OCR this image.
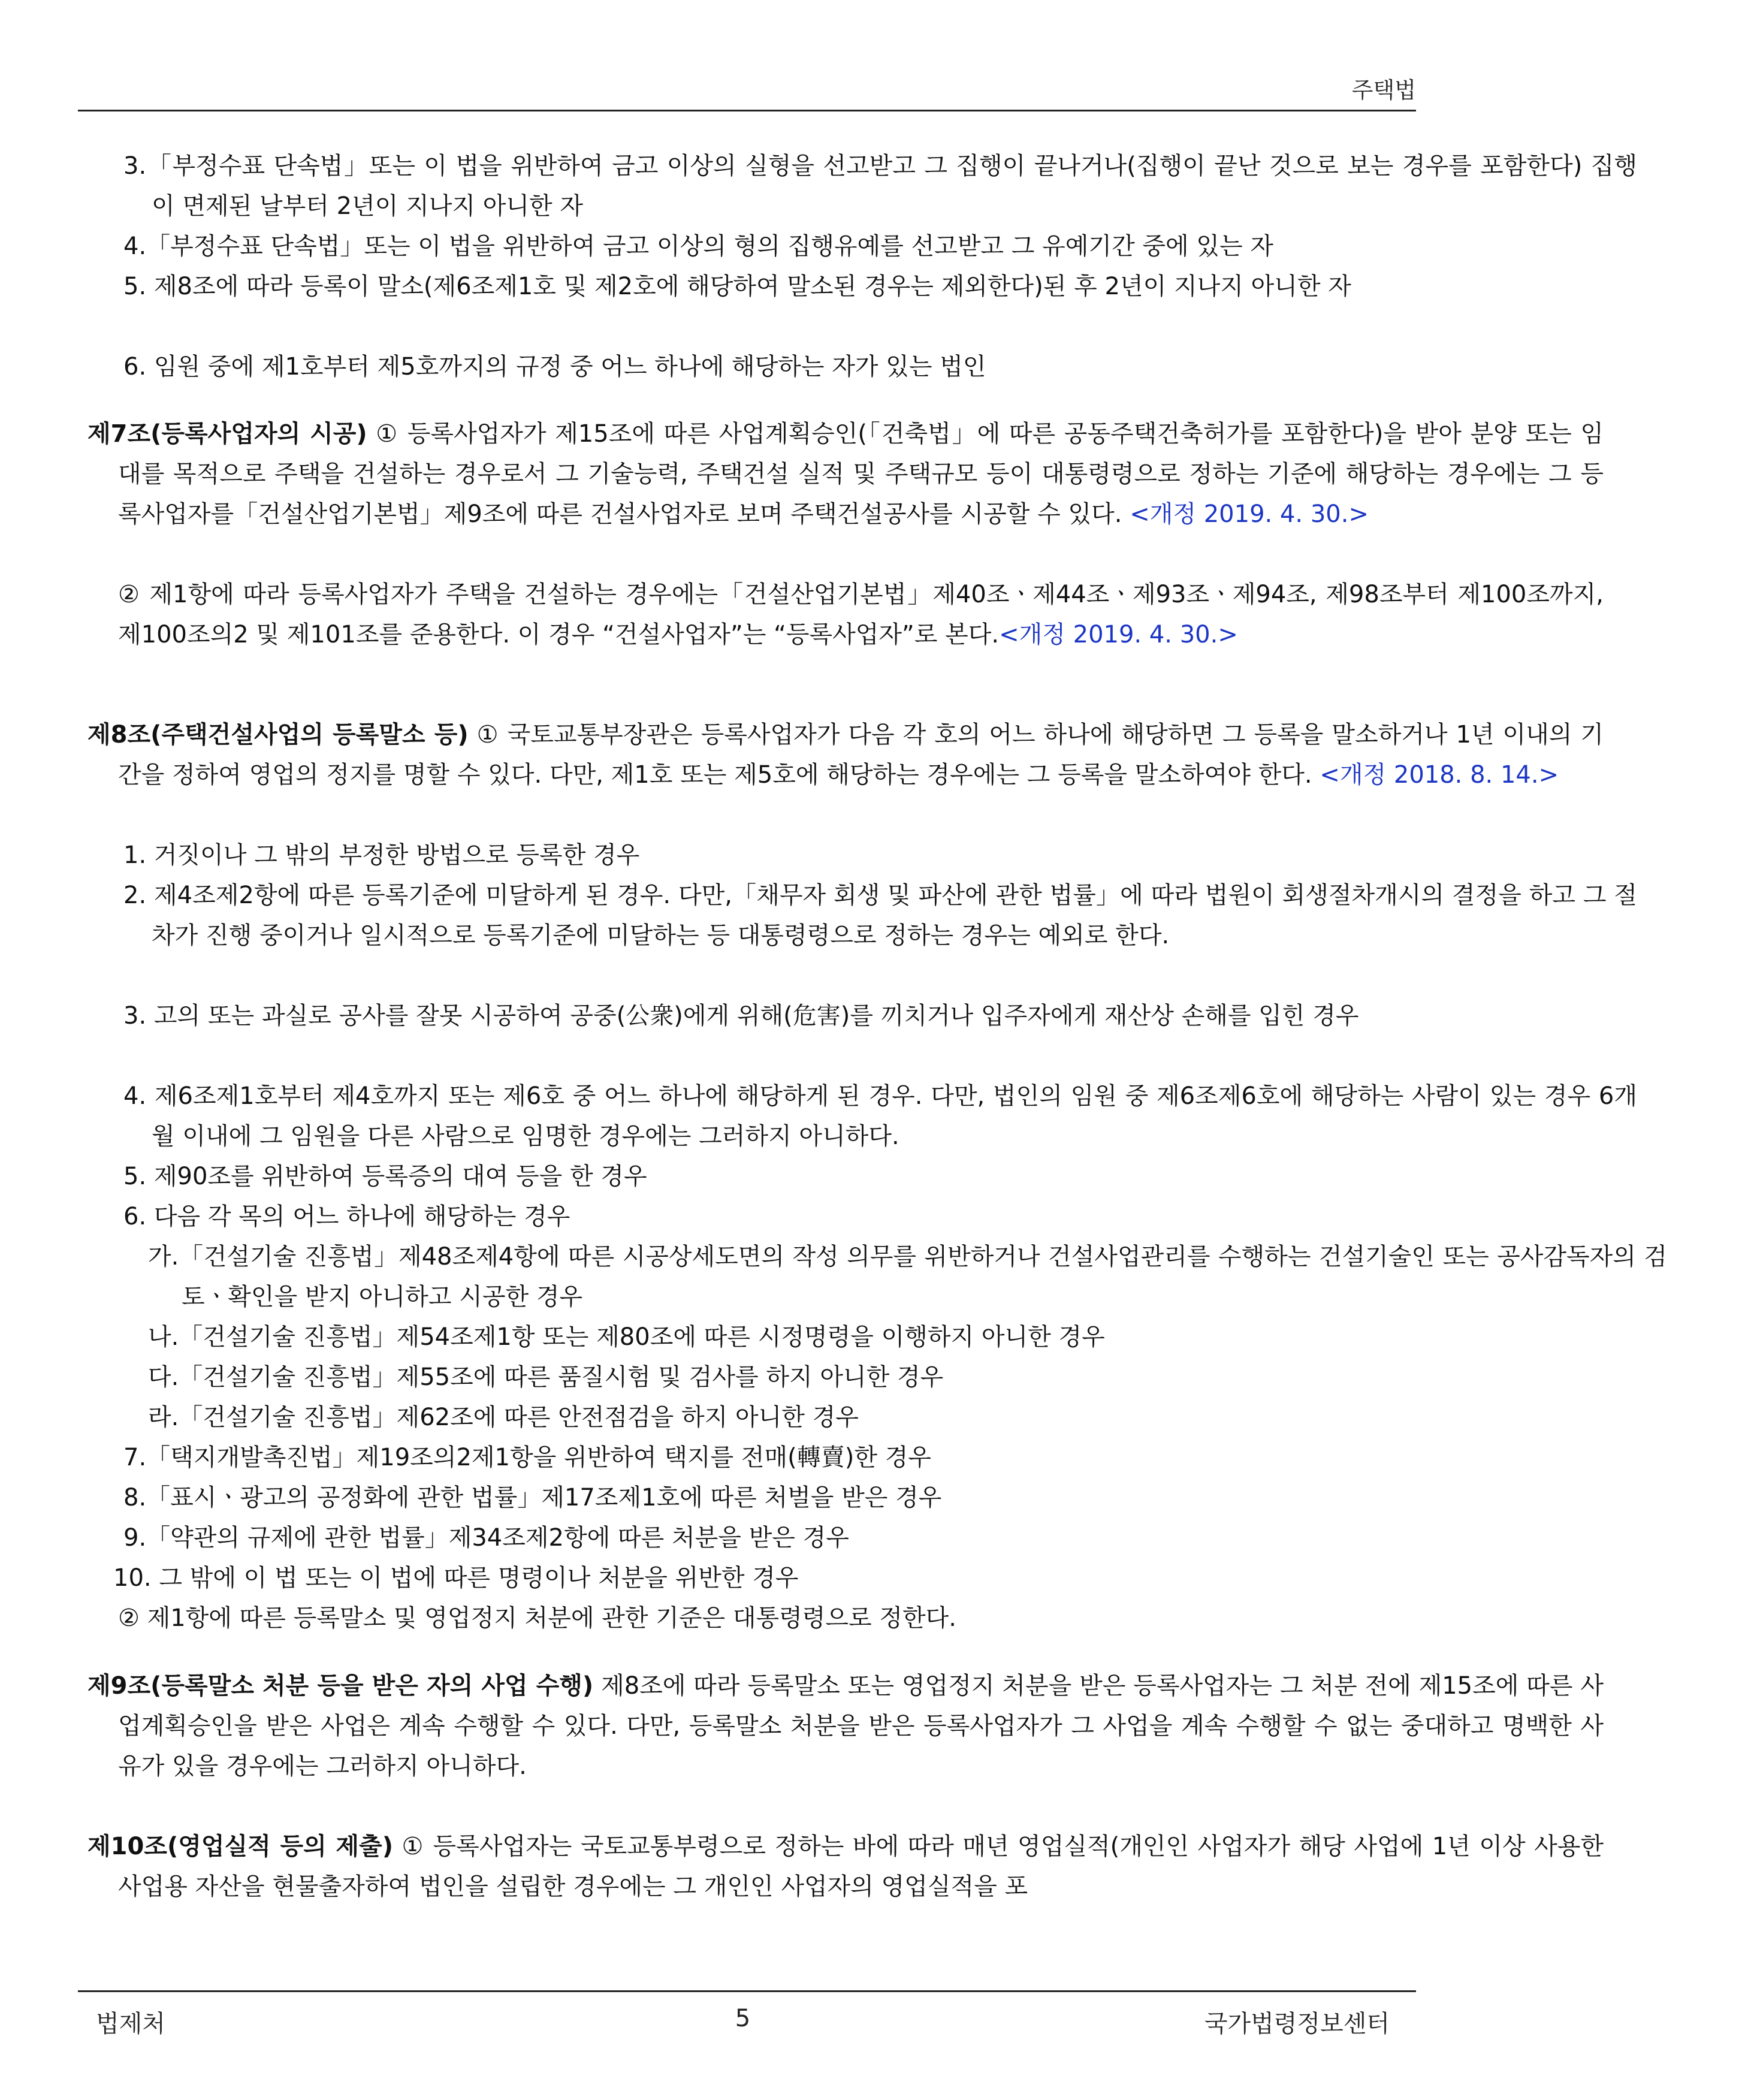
주택법

3.「부정수표 단속법」또는 이 법을 위반하여 금고 이상의 실형을 선고받고 그 집행이 끝나거나(집행이 끝난 것으로 보는 경우를 포함한다) 집행이 면제된 날부터 2년이 지나지 아니한 자

4.「부정수표 단속법」또는 이 법을 위반하여 금고 이상의 형의 집행유예를 선고받고 그 유예기간 중에 있는 자

5. 제8조에 따라 등록이 말소(제6조제1호 및 제2호에 해당하여 말소된 경우는 제외한다)된 후 2년이 지나지 아니한 자

6. 임원 중에 제1호부터 제5호까지의 규정 중 어느 하나에 해당하는 자가 있는 법인

제7조(등록사업자의 시공) ① 등록사업자가 제15조에 따른 사업계획승인(「건축법」에 따른 공동주택건축허가를 포함한다)을 받아 분양 또는 임대를 목적으로 주택을 건설하는 경우로서 그 기술능력, 주택건설 실적 및 주택규모 등이 대통령령으로 정하는 기준에 해당하는 경우에는 그 등록사업자를「건설산업기본법」제9조에 따른 건설사업자로 보며 주택건설공사를 시공할 수 있다. <개정 2019. 4. 30.>

② 제1항에 따라 등록사업자가 주택을 건설하는 경우에는「건설산업기본법」제40조ㆍ제44조ㆍ제93조ㆍ제94조, 제98조부터 제100조까지, 제100조의2 및 제101조를 준용한다. 이 경우 “건설사업자”는 “등록사업자”로 본다.<개정 2019. 4. 30.>

제8조(주택건설사업의 등록말소 등) ① 국토교통부장관은 등록사업자가 다음 각 호의 어느 하나에 해당하면 그 등록을 말소하거나 1년 이내의 기간을 정하여 영업의 정지를 명할 수 있다. 다만, 제1호 또는 제5호에 해당하는 경우에는 그 등록을 말소하여야 한다. <개정 2018. 8. 14.>

1. 거짓이나 그 밖의 부정한 방법으로 등록한 경우

2. 제4조제2항에 따른 등록기준에 미달하게 된 경우. 다만,「채무자 회생 및 파산에 관한 법률」에 따라 법원이 회생절차개시의 결정을 하고 그 절차가 진행 중이거나 일시적으로 등록기준에 미달하는 등 대통령령으로 정하는 경우는 예외로 한다.

3. 고의 또는 과실로 공사를 잘못 시공하여 공중(公衆)에게 위해(危害)를 끼치거나 입주자에게 재산상 손해를 입힌 경우

4. 제6조제1호부터 제4호까지 또는 제6호 중 어느 하나에 해당하게 된 경우. 다만, 법인의 임원 중 제6조제6호에 해당하는 사람이 있는 경우 6개월 이내에 그 임원을 다른 사람으로 임명한 경우에는 그러하지 아니하다.

5. 제90조를 위반하여 등록증의 대여 등을 한 경우

6. 다음 각 목의 어느 하나에 해당하는 경우

가.「건설기술 진흥법」제48조제4항에 따른 시공상세도면의 작성 의무를 위반하거나 건설사업관리를 수행하는 건설기술인 또는 공사감독자의 검토ㆍ확인을 받지 아니하고 시공한 경우

나.「건설기술 진흥법」제54조제1항 또는 제80조에 따른 시정명령을 이행하지 아니한 경우

다.「건설기술 진흥법」제55조에 따른 품질시험 및 검사를 하지 아니한 경우

라.「건설기술 진흥법」제62조에 따른 안전점검을 하지 아니한 경우

7.「택지개발촉진법」제19조의2제1항을 위반하여 택지를 전매(轉賣)한 경우

8.「표시ㆍ광고의 공정화에 관한 법률」제17조제1호에 따른 처벌을 받은 경우

9.「약관의 규제에 관한 법률」제34조제2항에 따른 처분을 받은 경우

10. 그 밖에 이 법 또는 이 법에 따른 명령이나 처분을 위반한 경우

② 제1항에 따른 등록말소 및 영업정지 처분에 관한 기준은 대통령령으로 정한다.

제9조(등록말소 처분 등을 받은 자의 사업 수행) 제8조에 따라 등록말소 또는 영업정지 처분을 받은 등록사업자는 그 처분 전에 제15조에 따른 사업계획승인을 받은 사업은 계속 수행할 수 있다. 다만, 등록말소 처분을 받은 등록사업자가 그 사업을 계속 수행할 수 없는 중대하고 명백한 사유가 있을 경우에는 그러하지 아니하다.

제10조(영업실적 등의 제출) ① 등록사업자는 국토교통부령으로 정하는 바에 따라 매년 영업실적(개인인 사업자가 해당 사업에 1년 이상 사용한 사업용 자산을 현물출자하여 법인을 설립한 경우에는 그 개인인 사업자의 영업실적을 포

법제처	5	국가법령정보센터
